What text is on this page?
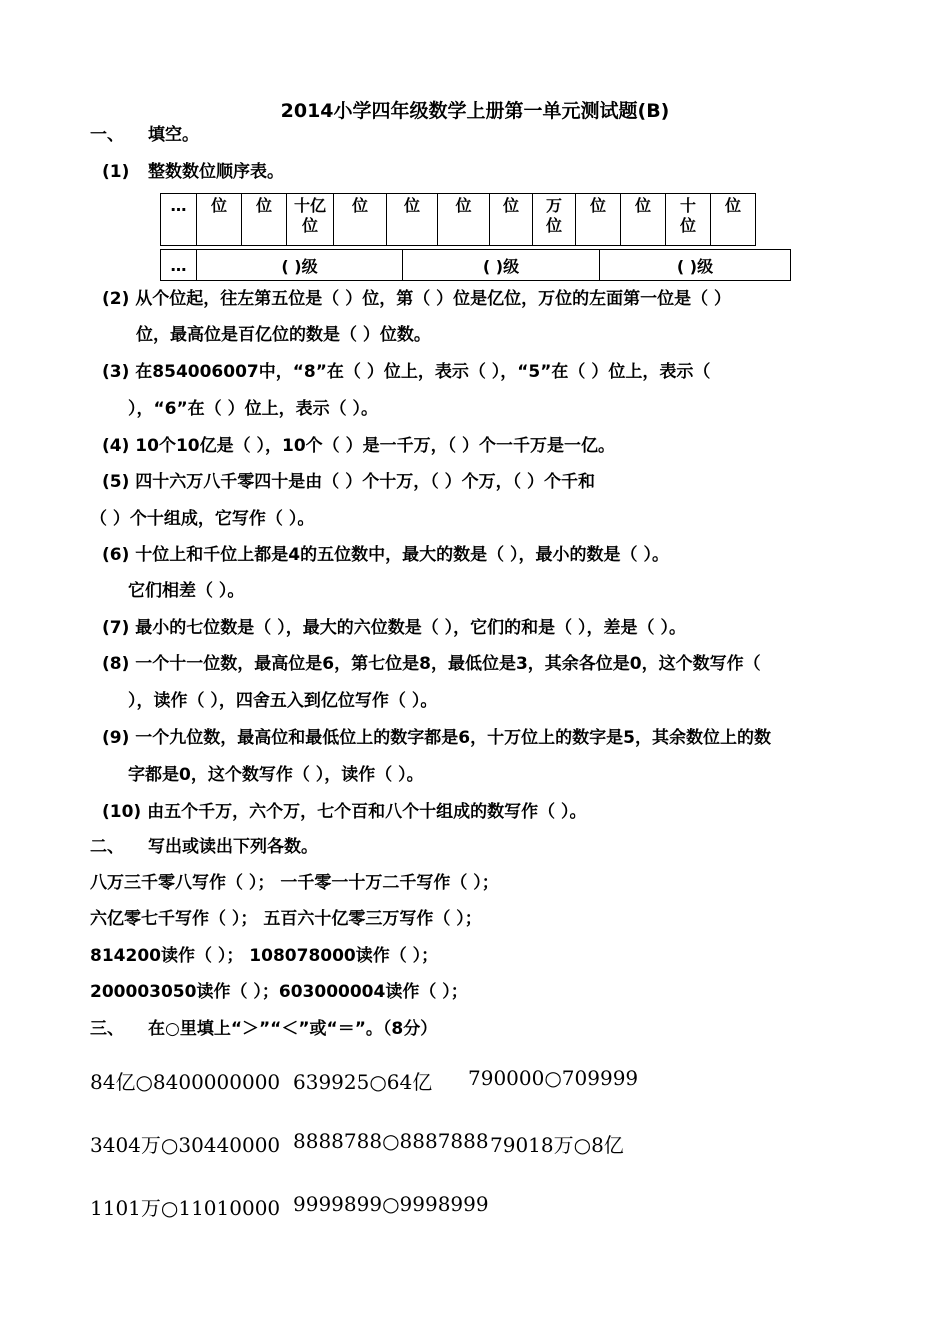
2014小学四年级数学上册第一单元测试题(B)
一、 填空。
(1) 整数数位顺序表。
…	位	位	十亿位	位	位	位	位	万位	位	位	十位	位
…	( )级	( )级	( )级
(2) 从个位起，往左第五位是（ ）位，第（ ）位是亿位，万位的左面第一位是（ ）
位，最高位是百亿位的数是（ ）位数。
(3) 在854006007中，“8”在（ ）位上，表示（ ），“5”在（ ）位上，表示（
），“6”在（ ）位上，表示（ ）。
(4) 10个10亿是（ ），10个（ ）是一千万，（ ）个一千万是一亿。
(5) 四十六万八千零四十是由（ ）个十万，（ ）个万，（ ）个千和
（ ）个十组成，它写作（ ）。
(6) 十位上和千位上都是4的五位数中，最大的数是（ ），最小的数是（ ）。
它们相差（ ）。
(7) 最小的七位数是（ ），最大的六位数是（ ），它们的和是（ ），差是（ ）。
(8) 一个十一位数，最高位是6，第七位是8，最低位是3，其余各位是0，这个数写作（
），读作（ ），四舍五入到亿位写作（ ）。
(9) 一个九位数，最高位和最低位上的数字都是6，十万位上的数字是5，其余数位上的数
字都是0，这个数写作（ ），读作（ ）。
(10) 由五个千万，六个万，七个百和八个十组成的数写作（ ）。
二、 写出或读出下列各数。
八万三千零八写作（ ）； 一千零一十万二千写作（ ）；
六亿零七千写作（ ）； 五百六十亿零三万写作（ ）；
814200读作（ ）； 108078000读作（ ）；
200003050读作（ ）；603000004读作（ ）；
三、 在○里填上“＞”“＜”或“＝”。（8分）
84亿○8400000000 639925○64亿 790000○709999
3404万○30440000 8888788○8887888 79018万○8亿
1101万○11010000 9999899○9998999
